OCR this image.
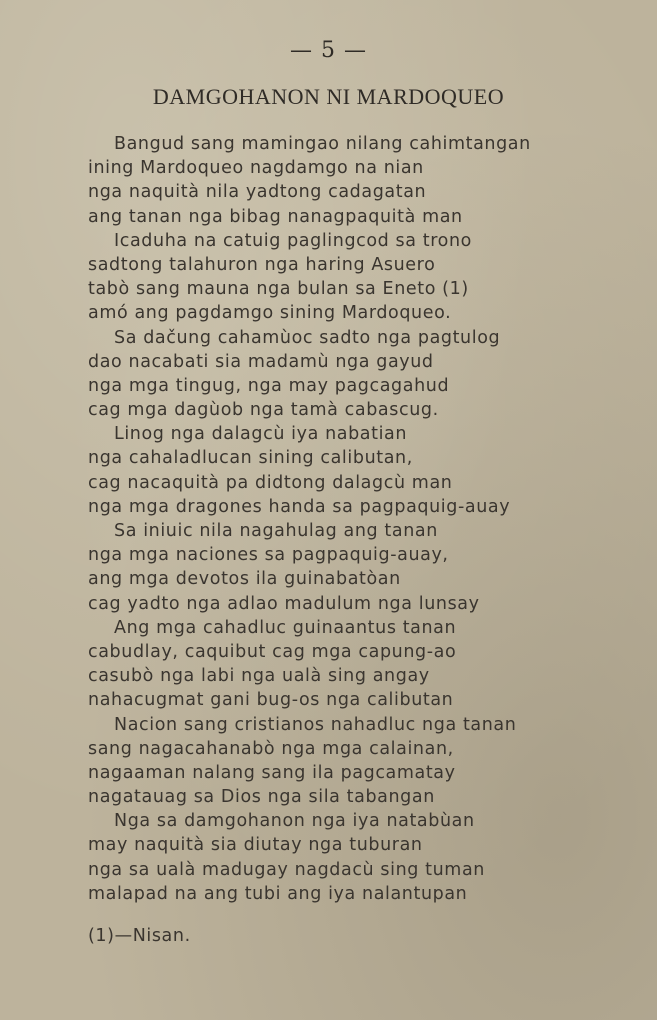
— 5 —
DAMGOHANON NI MARDOQUEO
Bangud sang mamingao nilang cahimtangan
ining Mardoqueo nagdamgo na nian
nga naquità nila yadtong cadagatan
ang tanan nga bibag nanagpaquità man
Icaduha na catuig paglingcod sa trono
sadtong talahuron nga haring Asuero
tabò sang mauna nga bulan sa Eneto (1)
amó ang pagdamgo sining Mardoqueo.
Sa dačung cahamùoc sadto nga pagtulog
dao nacabati sia madamù nga gayud
nga mga tingug, nga may pagcagahud
cag mga dagùob nga tamà cabascug.
Linog nga dalagcù iya nabatian
nga cahaladlucan sining calibutan,
cag nacaquità pa didtong dalagcù man
nga mga dragones handa sa pagpaquig-auay
Sa iniuic nila nagahulag ang tanan
nga mga naciones sa pagpaquig-auay,
ang mga devotos ila guinabatòan
cag yadto nga adlao madulum nga lunsay
Ang mga cahadluc guinaantus tanan
cabudlay, caquibut cag mga capung-ao
casubò nga labi nga ualà sing angay
nahacugmat gani bug-os nga calibutan
Nacion sang cristianos nahadluc nga tanan
sang nagacahanabò nga mga calainan,
nagaaman nalang sang ila pagcamatay
nagatauag sa Dios nga sila tabangan
Nga sa damgohanon nga iya natabùan
may naquità sia diutay nga tuburan
nga sa ualà madugay nagdacù sing tuman
malapad na ang tubi ang iya nalantupan
(1)—Nisan.
